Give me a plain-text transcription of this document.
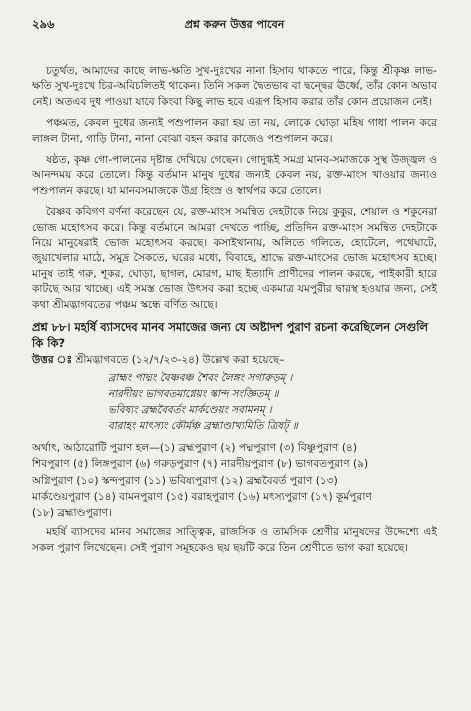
২৯৬	প্রশ্ন করুন উত্তর পাবেন

চতুর্থত, আমাদের কাছে লাভ-ক্ষতি সুখ-দুঃখের নানা হিসাব থাকতে পারে, কিন্তু শ্রীকৃষ্ণ লাভ-ক্ষতি সুখ-দুঃখে চির-অবিচলিতই থাকেন। তিনি সকল দ্বৈতভাব বা দ্বন্দ্বের ঊর্ধ্বে, তাঁর কোন অভাব নেই। অতএব দুধ পাওয়া যাবে কিংবা কিছু লাভ হবে এরূপ হিসাব করার তাঁর কোন প্রয়োজন নেই।

পঞ্চমত, কেবল দুধের জন্যই পশুপালন করা হয় তা নয়, লোকে ঘোড়া মহিষ গাধা পালন করে লাঙ্গল টানা, গাড়ি টানা, নানা বোঝা বহন করার কাজেও পশুপালন করে।

ষষ্ঠত, কৃষ্ণ গো-পালনের দৃষ্টান্ত দেখিয়ে গেছেন। গোদুগ্ধই সমগ্র মানব-সমাজকে সুস্থ উজ্জ্বল ও আনন্দময় করে তোলে। কিন্তু বর্তমান মানুষ দুধের জন্যই কেবল নয়, রক্ত-মাংস খাওয়ার জন্যও পশুপালন করছে। যা মানবসমাজকে উগ্র হিংস্র ও স্বার্থপর করে তোলে।

বৈষ্ণব কবিগণ বর্ণনা করেছেন যে, রক্ত-মাংস সমন্বিত দেহটাকে নিয়ে কুকুর, শেয়াল ও শকুনেরা ভোজ মহোৎসব করে। কিন্তু বর্তমানে আমরা দেখতে পাচ্ছি, প্রতিদিন রক্ত-মাংস সমন্বিত দেহটাকে নিয়ে মানুষেরাই ভোজ মহোৎসব করছে। কসাইখানায়, অলিতে গলিতে, হোটেলে, পথেঘাটে, জুয়াখেলার মাঠে, সমুদ্র সৈকতে, ঘরের মধ্যে, বিবাহে, শ্রাদ্ধে রক্ত-মাংসের ভোজ মহোৎসব হচ্ছে। মানুষ তাই গরু, শূকর, ঘোড়া, ছাগল, মোরগ, মাছ ইত্যাদি প্রাণীদের পালন করছে, পাইকারী হারে কাটছে আর খাচ্ছে। এই সমস্ত ভোজ উৎসব করা হচ্ছে একমাত্র যমপুরীর দ্বারস্থ হওয়ার জন্য, সেই কথা শ্রীমদ্ভাগবতের পঞ্চম স্কন্ধে বর্ণিত আছে।

প্রশ্ন ৮৮। মহর্ষি ব্যাসদেব মানব সমাজের জন্য যে অষ্টাদশ পুরাণ রচনা করেছিলেন সেগুলি কি কি?
উত্তর ঃ শ্রীমদ্ভাগবতে (১২/৭/২৩-২৪) উল্লেখ করা হয়েছে–
ব্রাহ্মং পাদ্মং বৈষ্ণবঞ্চ শৈবং লৈঙ্গং সগারুড়ম্ ।
নারদীয়ং ভাগবতমাগ্নেয়ং স্কান্দ সংজ্ঞিতম্ ॥
ভবিষ্যং ব্রহ্মবৈবর্তং মার্কণ্ডেয়ং সবামনম্ ।
বারাহং মাৎস্যং কৌর্মঞ্চ ব্রহ্মাণ্ডাখ্যমিতি ত্রিষট্ ॥

অর্থাৎ, আঠারোটি পুরাণ হল—(১) ব্রহ্মপুরাণ (২) পদ্মপুরাণ (৩) বিষ্ণুপুরাণ (৪)

শিবপুরাণ (৫) লিঙ্গপুরাণ (৬) গরুড়পুরাণ (৭) নারদীয়পুরাণ (৮) ভাগবতপুরাণ (৯)

অগ্নিপুরাণ (১০) স্কন্দপুরাণ (১১) ভবিষ্যপুরাণ (১২) ব্রহ্মবৈবর্ত পুরাণ (১৩)

মার্কণ্ডেয়পুরাণ (১৪) বামনপুরাণ (১৫) বরাহপুরাণ (১৬) মৎস্যপুরাণ (১৭) কূর্মপুরাণ

(১৮) ব্রহ্মাণ্ডপুরাণ।

মহর্ষি ব্যাসদেব মানব সমাজের সাত্ত্বিক, রাজসিক ও তামসিক শ্রেণীর মানুষদের উদ্দেশ্যে এই সকল পুরাণ লিখেছেন। সেই পুরাণ সমূহকেও ছয় ছয়টি করে তিন শ্রেণীতে ভাগ করা হয়েছে।
